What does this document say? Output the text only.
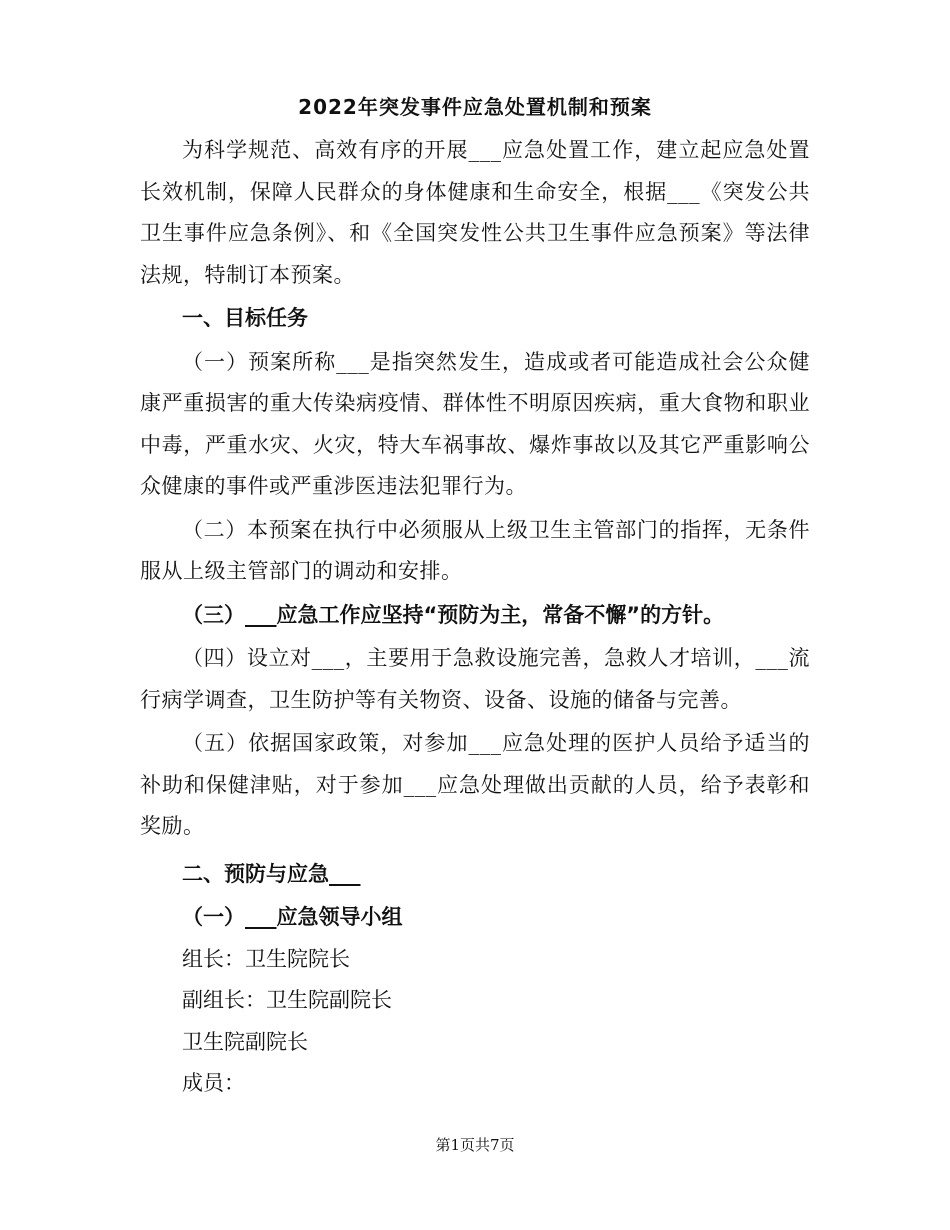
2022年突发事件应急处置机制和预案

为科学规范、高效有序的开展___应急处置工作，建立起应急处置长效机制，保障人民群众的身体健康和生命安全，根据___《突发公共卫生事件应急条例》、和《全国突发性公共卫生事件应急预案》等法律法规，特制订本预案。

一、目标任务

（一）预案所称___是指突然发生，造成或者可能造成社会公众健康严重损害的重大传染病疫情、群体性不明原因疾病，重大食物和职业中毒，严重水灾、火灾，特大车祸事故、爆炸事故以及其它严重影响公众健康的事件或严重涉医违法犯罪行为。

（二）本预案在执行中必须服从上级卫生主管部门的指挥，无条件服从上级主管部门的调动和安排。

（三）___应急工作应坚持“预防为主，常备不懈”的方针。

（四）设立对___，主要用于急救设施完善，急救人才培训，___流行病学调查，卫生防护等有关物资、设备、设施的储备与完善。

（五）依据国家政策，对参加___应急处理的医护人员给予适当的补助和保健津贴，对于参加___应急处理做出贡献的人员，给予表彰和奖励。

二、预防与应急___

（一）___应急领导小组

组长：卫生院院长

副组长：卫生院副院长

卫生院副院长

成员：

第1页共7页
